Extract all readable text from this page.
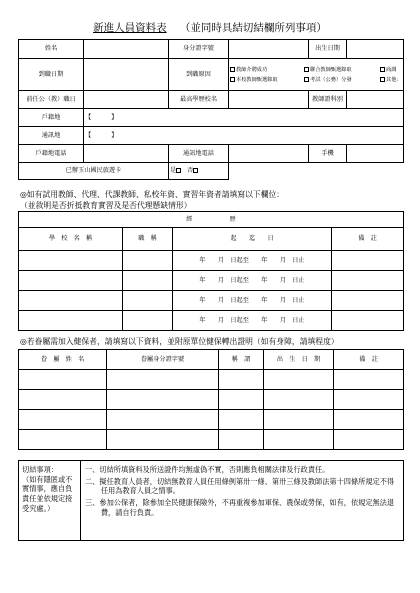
新進人員資料表 （並同時具結切結欄所列事項）
姓名		身分證字號		出生日期	
到職日期		到職原因	教師介聘成功 聯合教師甄選錄取 商調
本校教師甄選錄取 考試（公務）分發 其他：		

前任公（教）職日		最高學歷校名		教師證科別	
戶籍地	【 】				
通訊地	【 】				
戶籍地電話		通訊地電話		手機	
已辦玉山國民旅遊卡		是 否			
◎如有試用教師、代理、代課教師、私校年資、實習年資者請填寫以下欄位：
（並敘明是否折抵教育實習及是否代理懸缺情形）
經　　　　　　歷			
學　校　名　稱	職　稱	起　　迄　　日	備　註
		年　　 月　 日起至　　 年　　 月　 日止	
		年　　 月　 日起至　　 年　　 月　 日止	
		年　　 月　 日起至　　 年　　 月　 日止	
		年　　 月　 日起至　　 年　　 月　 日止	
◎若眷屬需加入健保者，請填寫以下資料，並附原單位健保轉出證明（如有身障，請填程度）
眷　屬　姓　名	眷屬身分證字號	稱　謂	出　生　日　期	備　註

切結事項：
（如有隱匿或不實情事，應自負責任並依規定接受究處。）	
一、切結所填資料及所送證件均無虛偽不實，否則應負相關法律及行政責任。
二、擬任教育人員者，切結無教育人員任用條例第卅一條、第卅三條及教師法第十四條所規定不得任用為教育人員之情事。
三、參加公保者，除參加全民健康保險外，不再重複參加軍保、農保或勞保，如有，依規定無法退費，請自行負責。
